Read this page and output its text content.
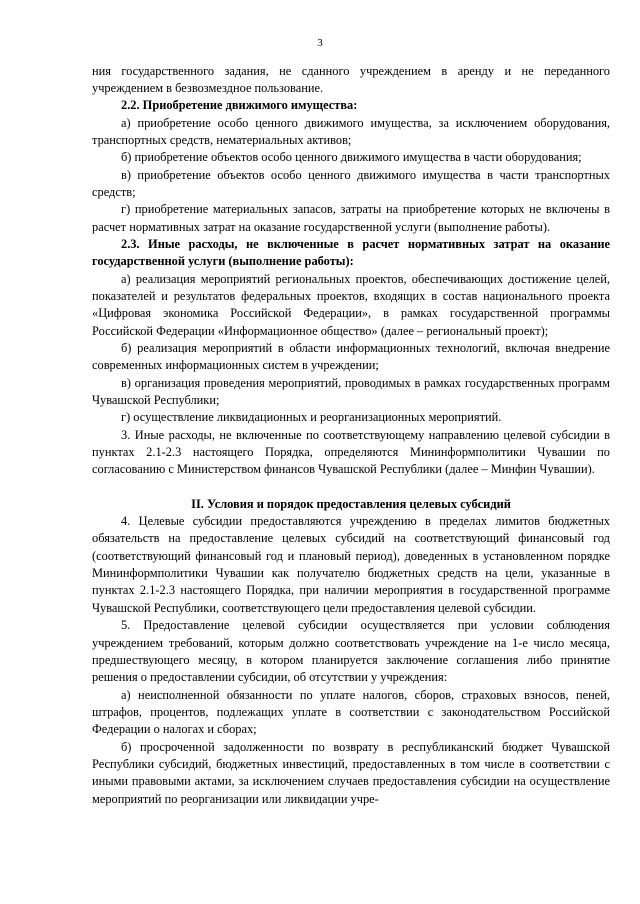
3

ния государственного задания, не сданного учреждением в аренду и не переданного учреждением в безвозмездное пользование.

2.2. Приобретение движимого имущества:

а) приобретение особо ценного движимого имущества, за исключением оборудования, транспортных средств, нематериальных активов;

б) приобретение объектов особо ценного движимого имущества в части оборудования;

в) приобретение объектов особо ценного движимого имущества в части транспортных средств;

г) приобретение материальных запасов, затраты на приобретение которых не включены в расчет нормативных затрат на оказание государственной услуги (выполнение работы).

2.3. Иные расходы, не включенные в расчет нормативных затрат на оказание государственной услуги (выполнение работы):

а) реализация мероприятий региональных проектов, обеспечивающих достижение целей, показателей и результатов федеральных проектов, входящих в состав национального проекта «Цифровая экономика Российской Федерации», в рамках государственной программы Российской Федерации «Информационное общество» (далее – региональный проект);

б) реализация мероприятий в области информационных технологий, включая внедрение современных информационных систем в учреждении;

в) организация проведения мероприятий, проводимых в рамках государственных программ Чувашской Республики;

г) осуществление ликвидационных и реорганизационных мероприятий.

3. Иные расходы, не включенные по соответствующему направлению целевой субсидии в пунктах 2.1-2.3 настоящего Порядка, определяются Мининформполитики Чувашии по согласованию с Министерством финансов Чувашской Республики (далее – Минфин Чувашии).

II. Условия и порядок предоставления целевых субсидий

4. Целевые субсидии предоставляются учреждению в пределах лимитов бюджетных обязательств на предоставление целевых субсидий на соответствующий финансовый год (соответствующий финансовый год и плановый период), доведенных в установленном порядке Мининформполитики Чувашии как получателю бюджетных средств на цели, указанные в пунктах 2.1-2.3 настоящего Порядка, при наличии мероприятия в государственной программе Чувашской Республики, соответствующего цели предоставления целевой субсидии.

5. Предоставление целевой субсидии осуществляется при условии соблюдения учреждением требований, которым должно соответствовать учреждение на 1-е число месяца, предшествующего месяцу, в котором планируется заключение соглашения либо принятие решения о предоставлении субсидии, об отсутствии у учреждения:

а) неисполненной обязанности по уплате налогов, сборов, страховых взносов, пеней, штрафов, процентов, подлежащих уплате в соответствии с законодательством Российской Федерации о налогах и сборах;

б) просроченной задолженности по возврату в республиканский бюджет Чувашской Республики субсидий, бюджетных инвестиций, предоставленных в том числе в соответствии с иными правовыми актами, за исключением случаев предоставления субсидии на осуществление мероприятий по реорганизации или ликвидации учре-
